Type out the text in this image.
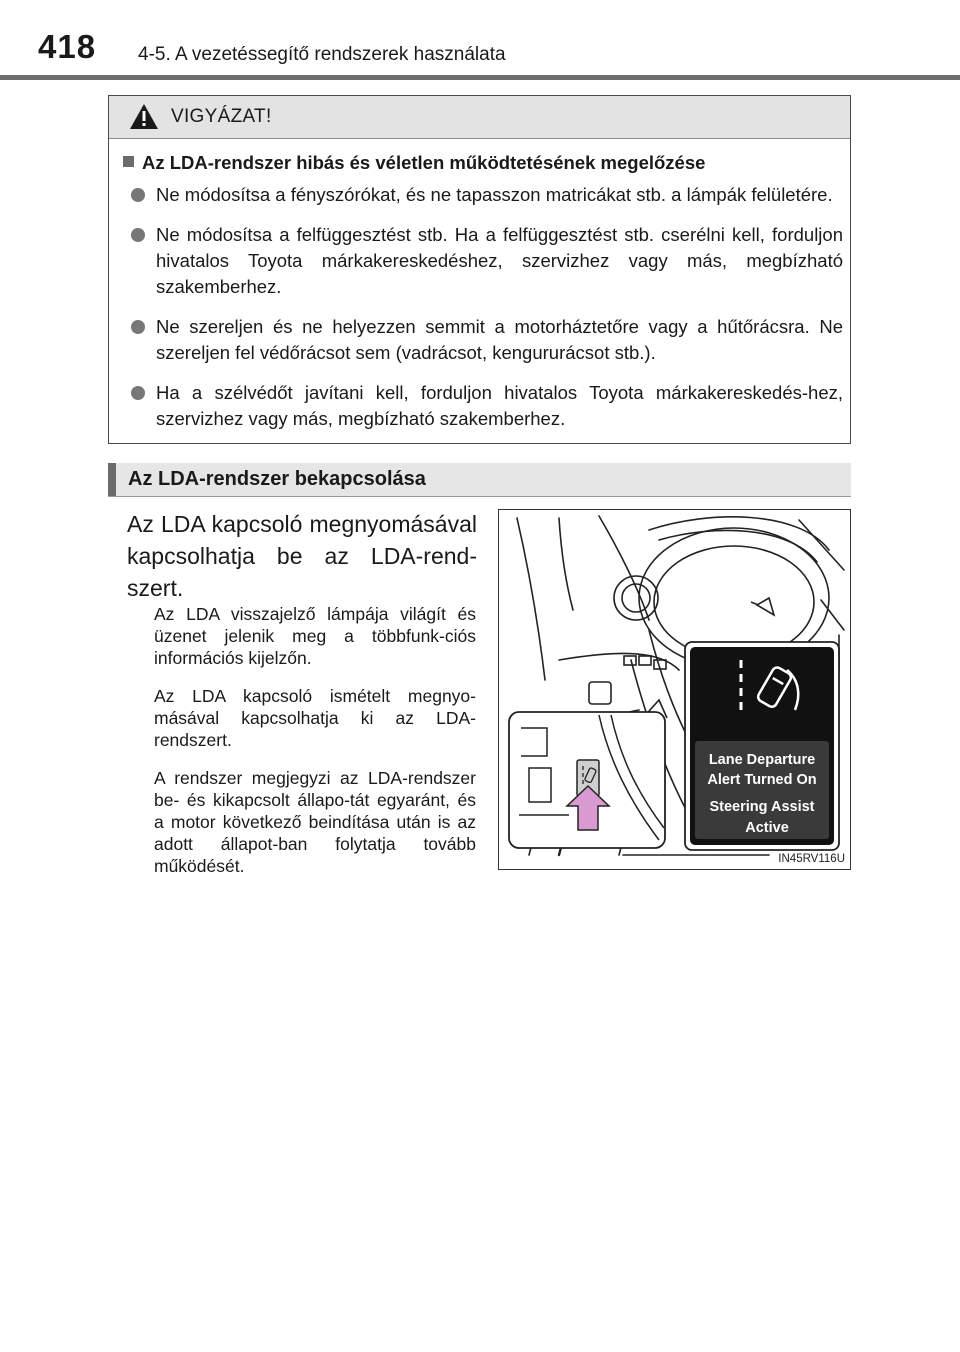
418 4-5. A vezetéssegítő rendszerek használata
VIGYÁZAT!
Az LDA-rendszer hibás és véletlen működtetésének megelőzése
Ne módosítsa a fényszórókat, és ne tapasszon matricákat stb. a lámpák felületére.
Ne módosítsa a felfüggesztést stb. Ha a felfüggesztést stb. cserélni kell, forduljon hivatalos Toyota márkakereskedéshez, szervizhez vagy más, megbízható szakemberhez.
Ne szereljen és ne helyezzen semmit a motorháztetőre vagy a hűtőrácsra. Ne szereljen fel védőrácsot sem (vadrácsot, kengururácsot stb.).
Ha a szélvédőt javítani kell, forduljon hivatalos Toyota márkakereskedés-hez, szervizhez vagy más, megbízható szakemberhez.
Az LDA-rendszer bekapcsolása
Az LDA kapcsoló megnyomásával kapcsolhatja be az LDA-rend-szert.
Az LDA visszajelző lámpája világít és üzenet jelenik meg a többfunk-ciós információs kijelzőn.
Az LDA kapcsoló ismételt megnyo-másával kapcsolhatja ki az LDA-rendszert.
A rendszer megjegyzi az LDA-rendszer be- és kikapcsolt állapo-tát egyaránt, és a motor következő beindítása után is az adott állapot-ban folytatja tovább működését.
Lane Departure
Alert Turned On
Steering Assist
Active
IN45RV116U
